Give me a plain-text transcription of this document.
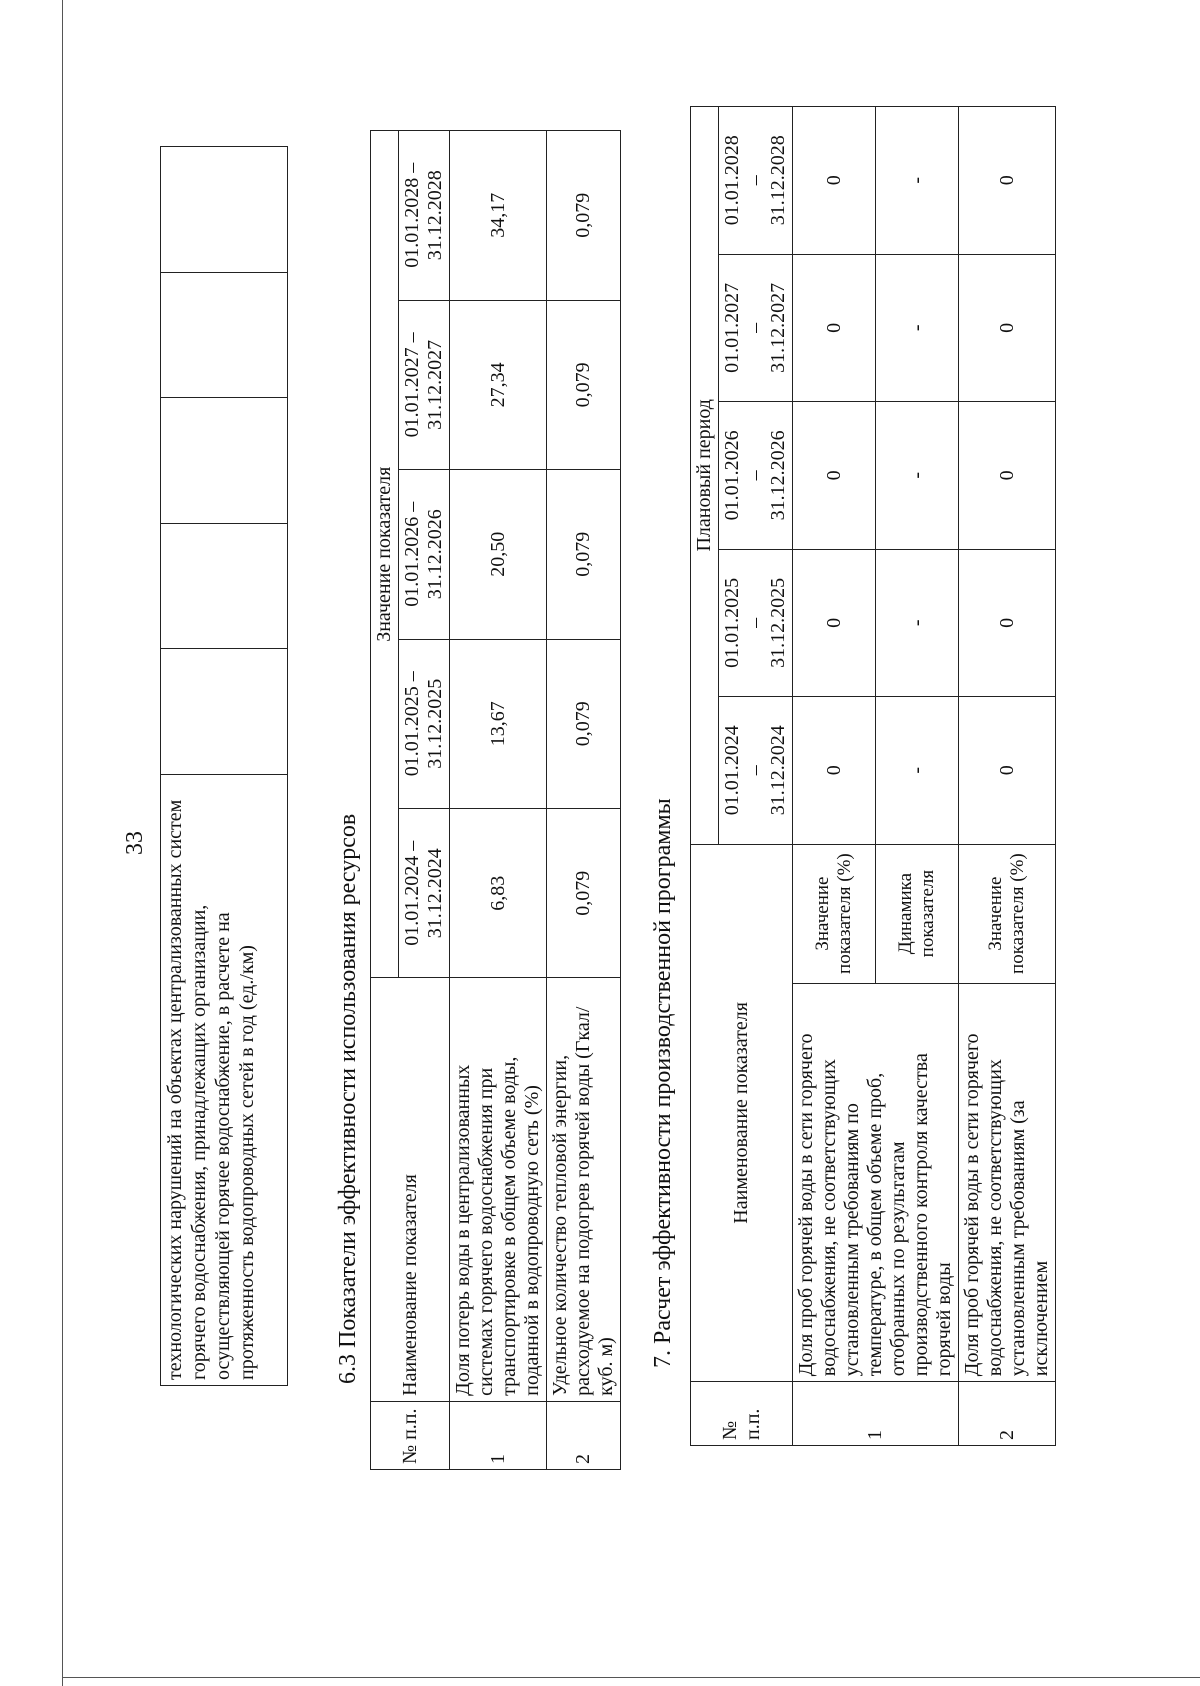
33 технологических нарушений на объектах централизованных систем горячего водоснабжения, принадлежащих организации, осуществляющей горячее водоснабжение, в расчете на протяженность водопроводных сетей в год (ед./км)						6.3 Показатели эффективности использования ресурсов
№ п.п.	Наименование показателя	Значение показателя				

		01.01.2024 – 31.12.2024	01.01.2025 – 31.12.2025	01.01.2026 – 31.12.2026	01.01.2027 – 31.12.2027	01.01.2028 – 31.12.2028

1	Доля потерь воды в централизованных системах горячего водоснабжения при транспортировке в общем объеме воды, поданной в водопроводную сеть (%)	6,83	13,67	20,50	27,34	34,17
2	Удельное количество тепловой энергии, расходуемое на подогрев горячей воды (Гкал/куб. м)	0,079	0,079	0,079	0,079	0,079
7. Расчет эффективности производственной программы
№ п.п.	Наименование показателя		Плановый период				

			01.01.2024 – 31.12.2024	01.01.2025 – 31.12.2025	01.01.2026 – 31.12.2026	01.01.2027 – 31.12.2027	01.01.2028 – 31.12.2028

1	Доля проб горячей воды в сети горячего водоснабжения, не соответствующих установленным требованиям по температуре, в общем объеме проб, отобранных по результатам производственного контроля качества горячей воды	Значение показателя (%)	0	0	0	0	0
		Динамика показателя	-	-	-	-	-
2	Доля проб горячей воды в сети горячего водоснабжения, не соответствующих установленным требованиям (за исключением	Значение показателя (%)	0	0	0	0	0
